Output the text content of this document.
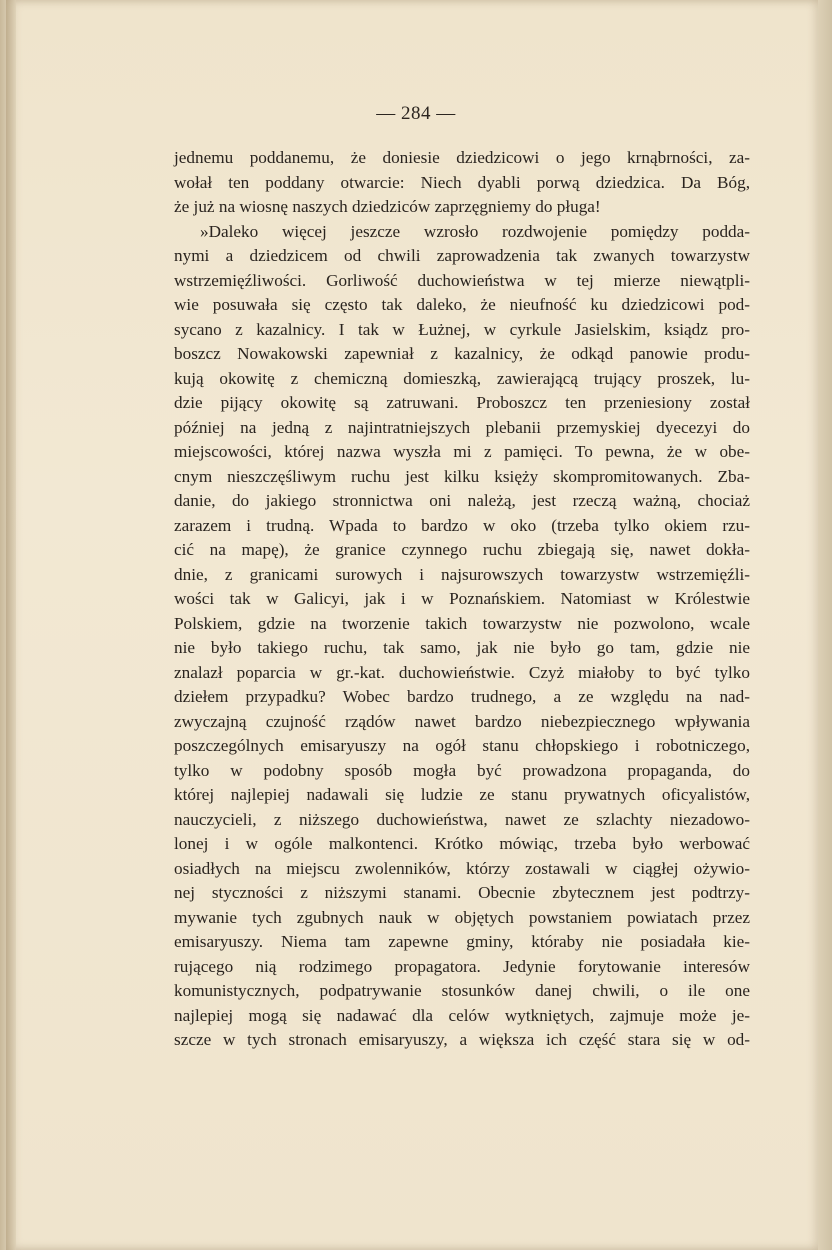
— 284 —
jednemu poddanemu, że doniesie dziedzicowi o jego krnąbrności, za-
wołał ten poddany otwarcie: Niech dyabli porwą dziedzica. Da Bóg,
że już na wiosnę naszych dziedziców zaprzęgniemy do pługa!
»Daleko więcej jeszcze wzrosło rozdwojenie pomiędzy podda-
nymi a dziedzicem od chwili zaprowadzenia tak zwanych towarzystw
wstrzemięźliwości. Gorliwość duchowieństwa w tej mierze niewątpli-
wie posuwała się często tak daleko, że nieufność ku dziedzicowi pod-
sycano z kazalnicy. I tak w Łużnej, w cyrkule Jasielskim, ksiądz pro-
boszcz Nowakowski zapewniał z kazalnicy, że odkąd panowie produ-
kują okowitę z chemiczną domieszką, zawierającą trujący proszek, lu-
dzie pijący okowitę są zatruwani. Proboszcz ten przeniesiony został
później na jedną z najintratniejszych plebanii przemyskiej dyecezyi do
miejscowości, której nazwa wyszła mi z pamięci. To pewna, że w obe-
cnym nieszczęśliwym ruchu jest kilku księży skompromitowanych. Zba-
danie, do jakiego stronnictwa oni należą, jest rzeczą ważną, chociaż
zarazem i trudną. Wpada to bardzo w oko (trzeba tylko okiem rzu-
cić na mapę), że granice czynnego ruchu zbiegają się, nawet dokła-
dnie, z granicami surowych i najsurowszych towarzystw wstrzemięźli-
wości tak w Galicyi, jak i w Poznańskiem. Natomiast w Królestwie
Polskiem, gdzie na tworzenie takich towarzystw nie pozwolono, wcale
nie było takiego ruchu, tak samo, jak nie było go tam, gdzie nie
znalazł poparcia w gr.-kat. duchowieństwie. Czyż miałoby to być tylko
dziełem przypadku? Wobec bardzo trudnego, a ze względu na nad-
zwyczajną czujność rządów nawet bardzo niebezpiecznego wpływania
poszczególnych emisaryuszy na ogół stanu chłopskiego i robotniczego,
tylko w podobny sposób mogła być prowadzona propaganda, do
której najlepiej nadawali się ludzie ze stanu prywatnych oficyalistów,
nauczycieli, z niższego duchowieństwa, nawet ze szlachty niezadowo-
lonej i w ogóle malkontenci. Krótko mówiąc, trzeba było werbować
osiadłych na miejscu zwolenników, którzy zostawali w ciągłej ożywio-
nej styczności z niższymi stanami. Obecnie zbytecznem jest podtrzy-
mywanie tych zgubnych nauk w objętych powstaniem powiatach przez
emisaryuszy. Niema tam zapewne gminy, któraby nie posiadała kie-
rującego nią rodzimego propagatora. Jedynie forytowanie interesów
komunistycznych, podpatrywanie stosunków danej chwili, o ile one
najlepiej mogą się nadawać dla celów wytkniętych, zajmuje może je-
szcze w tych stronach emisaryuszy, a większa ich część stara się w od-
